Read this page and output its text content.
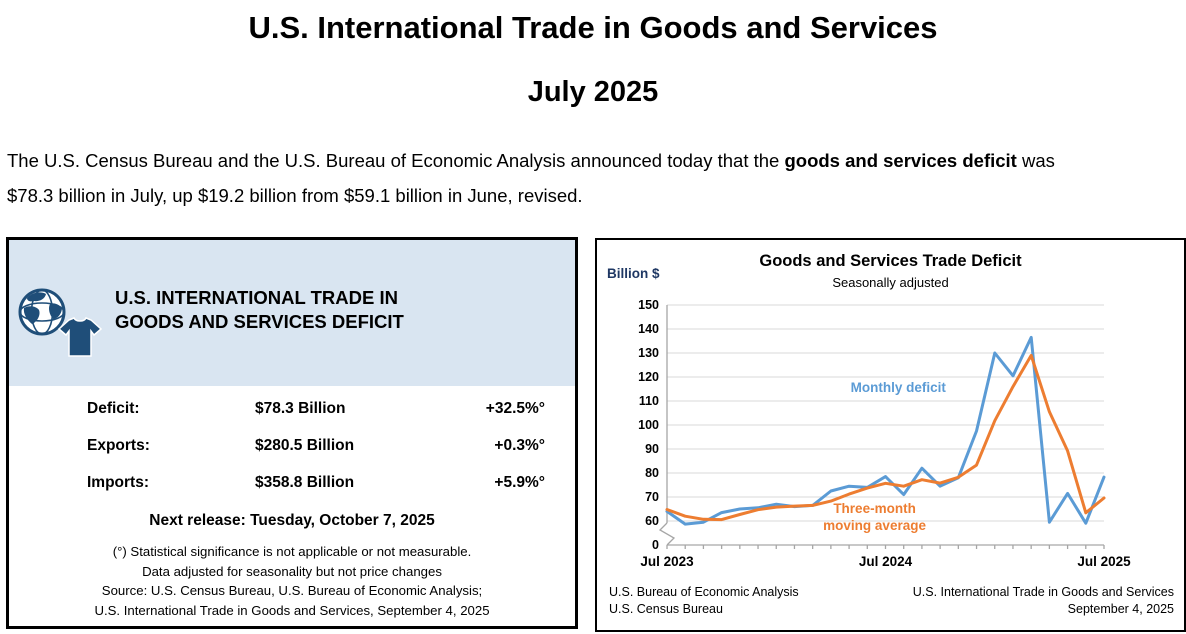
U.S. International Trade in Goods and Services
July 2025

The U.S. Census Bureau and the U.S. Bureau of Economic Analysis announced today that the goods and services deficit was $78.3 billion in July, up $19.2 billion from $59.1 billion in June, revised.

U.S. INTERNATIONAL TRADE IN
GOODS AND SERVICES DEFICIT
Deficit:	$78.3 Billion	+32.5%°
Exports:	$280.5 Billion	+0.3%°
Imports:	$358.8 Billion	+5.9%°
Next release: Tuesday, October 7, 2025
(°) Statistical significance is not applicable or not measurable.
Data adjusted for seasonality but not price changes
Source: U.S. Census Bureau, U.S. Bureau of Economic Analysis;
U.S. International Trade in Goods and Services, September 4, 2025
Goods and Services Trade Deficit
Seasonally adjusted
Billion $
0
60
70
80
90
100
110
120
130
140
150
Jul 2023	Jul 2024	Jul 2025
Monthly deficit
Three-month
moving average
U.S. Bureau of Economic Analysis
U.S. Census Bureau
U.S. International Trade in Goods and Services
September 4, 2025
